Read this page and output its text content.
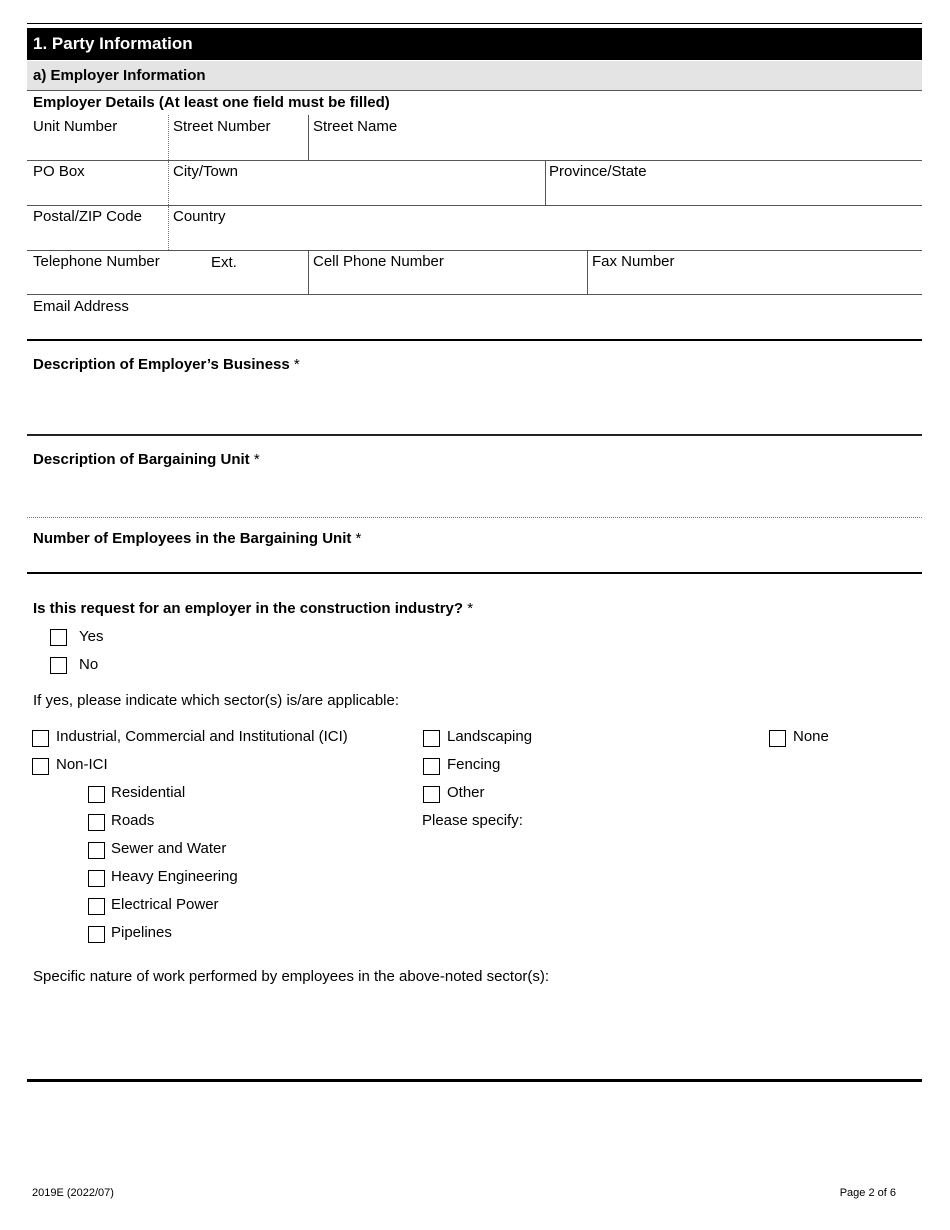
1. Party Information
a) Employer Information
Employer Details (At least one field must be filled)
Unit Number	Street Number	Street Name
PO Box	City/Town	Province/State
Postal/ZIP Code Country
Telephone Number	Ext.	Cell Phone Number	Fax Number
Email Address
Description of Employer’s Business *
Description of Bargaining Unit *
Number of Employees in the Bargaining Unit *
Is this request for an employer in the construction industry? *
Yes
No
If yes, please indicate which sector(s) is/are applicable:
Industrial, Commercial and Institutional (ICI)
Non-ICI
Residential
Roads
Sewer and Water
Heavy Engineering
Electrical Power
Pipelines
Landscaping
Fencing
Other
Please specify:
None
Specific nature of work performed by employees in the above-noted sector(s):
2019E (2022/07)	Page 2 of 6
